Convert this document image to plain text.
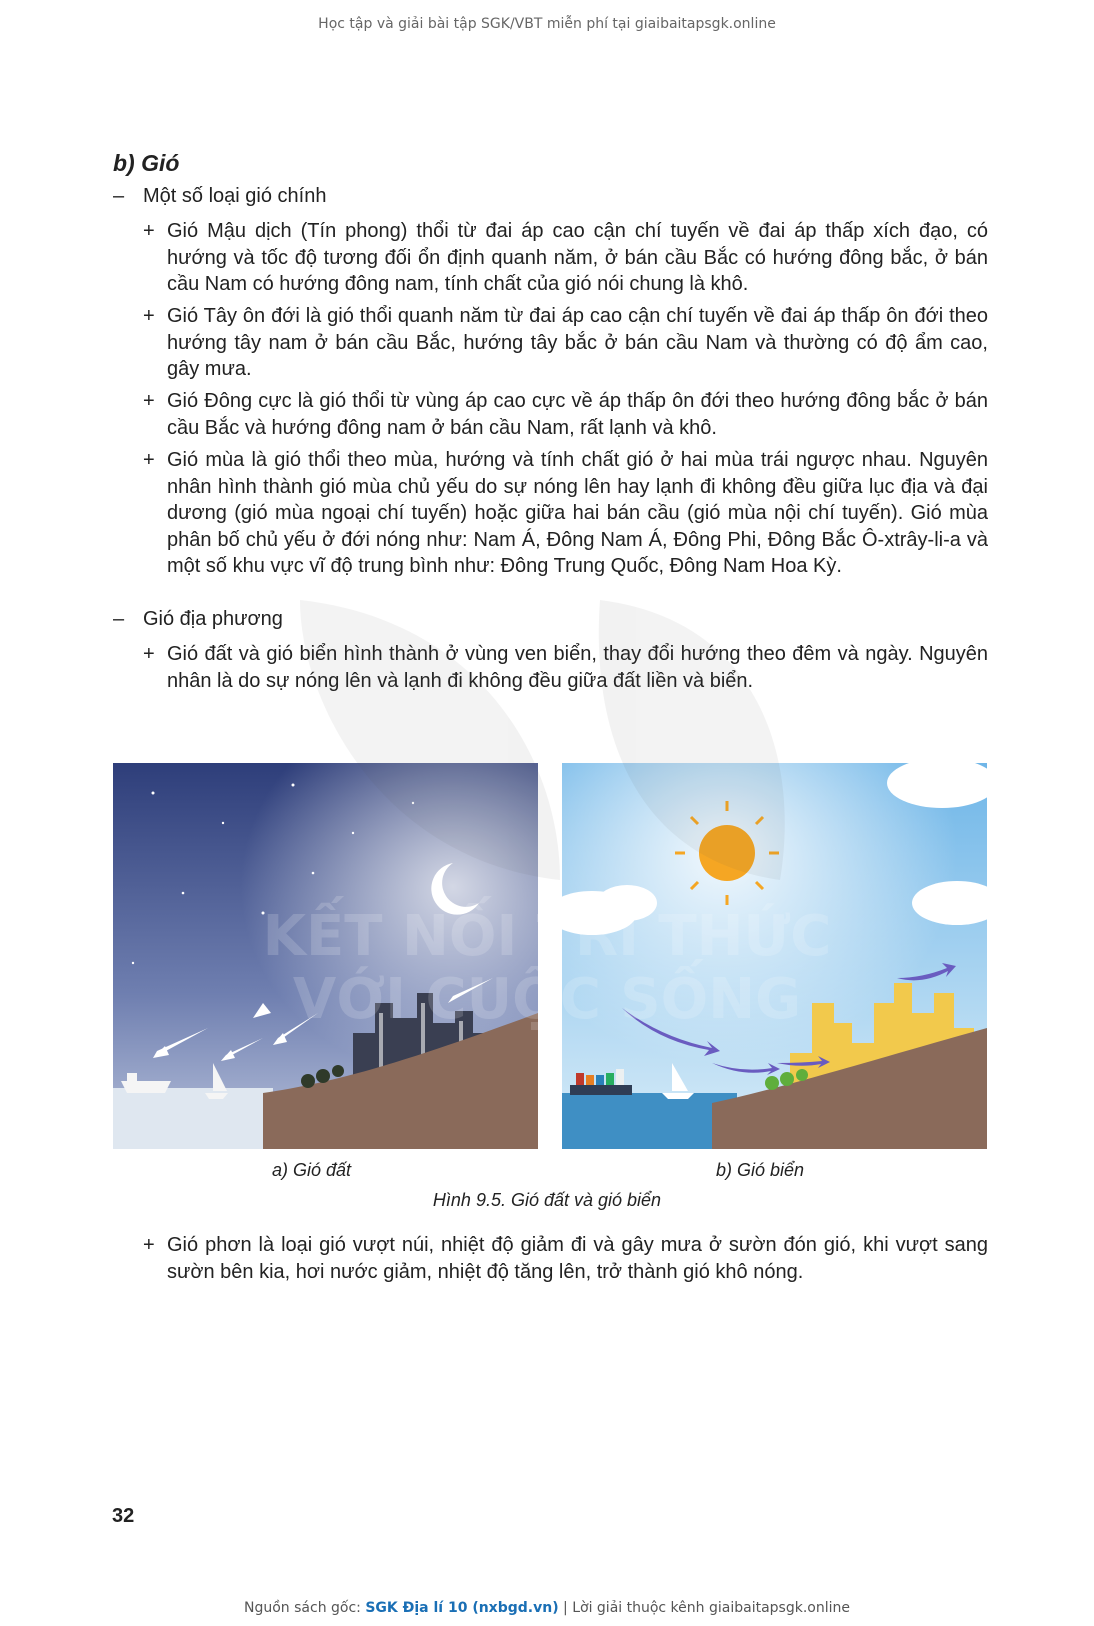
Học tập và giải bài tập SGK/VBT miễn phí tại giaibaitapsgk.online
b) Gió
– Một số loại gió chính
+ Gió Mậu dịch (Tín phong) thổi từ đai áp cao cận chí tuyến về đai áp thấp xích đạo, có hướng và tốc độ tương đối ổn định quanh năm, ở bán cầu Bắc có hướng đông bắc, ở bán cầu Nam có hướng đông nam, tính chất của gió nói chung là khô.
+ Gió Tây ôn đới là gió thổi quanh năm từ đai áp cao cận chí tuyến về đai áp thấp ôn đới theo hướng tây nam ở bán cầu Bắc, hướng tây bắc ở bán cầu Nam và thường có độ ẩm cao, gây mưa.
+ Gió Đông cực là gió thổi từ vùng áp cao cực về áp thấp ôn đới theo hướng đông bắc ở bán cầu Bắc và hướng đông nam ở bán cầu Nam, rất lạnh và khô.
+ Gió mùa là gió thổi theo mùa, hướng và tính chất gió ở hai mùa trái ngược nhau. Nguyên nhân hình thành gió mùa chủ yếu do sự nóng lên hay lạnh đi không đều giữa lục địa và đại dương (gió mùa ngoại chí tuyến) hoặc giữa hai bán cầu (gió mùa nội chí tuyến). Gió mùa phân bố chủ yếu ở đới nóng như: Nam Á, Đông Nam Á, Đông Phi, Đông Bắc Ô-xtrây-li-a và một số khu vực vĩ độ trung bình như: Đông Trung Quốc, Đông Nam Hoa Kỳ.
– Gió địa phương
+ Gió đất và gió biển hình thành ở vùng ven biển, thay đổi hướng theo đêm và ngày. Nguyên nhân là do sự nóng lên và lạnh đi không đều giữa đất liền và biển.
a) Gió đất	b) Gió biển
Hình 9.5. Gió đất và gió biển
+ Gió phơn là loại gió vượt núi, nhiệt độ giảm đi và gây mưa ở sườn đón gió, khi vượt sang sườn bên kia, hơi nước giảm, nhiệt độ tăng lên, trở thành gió khô nóng.
KẾT NỐI TRI THỨC
VỚI CUỘC SỐNG
32
Nguồn sách gốc: SGK Địa lí 10 (nxbgd.vn) | Lời giải thuộc kênh giaibaitapsgk.online
